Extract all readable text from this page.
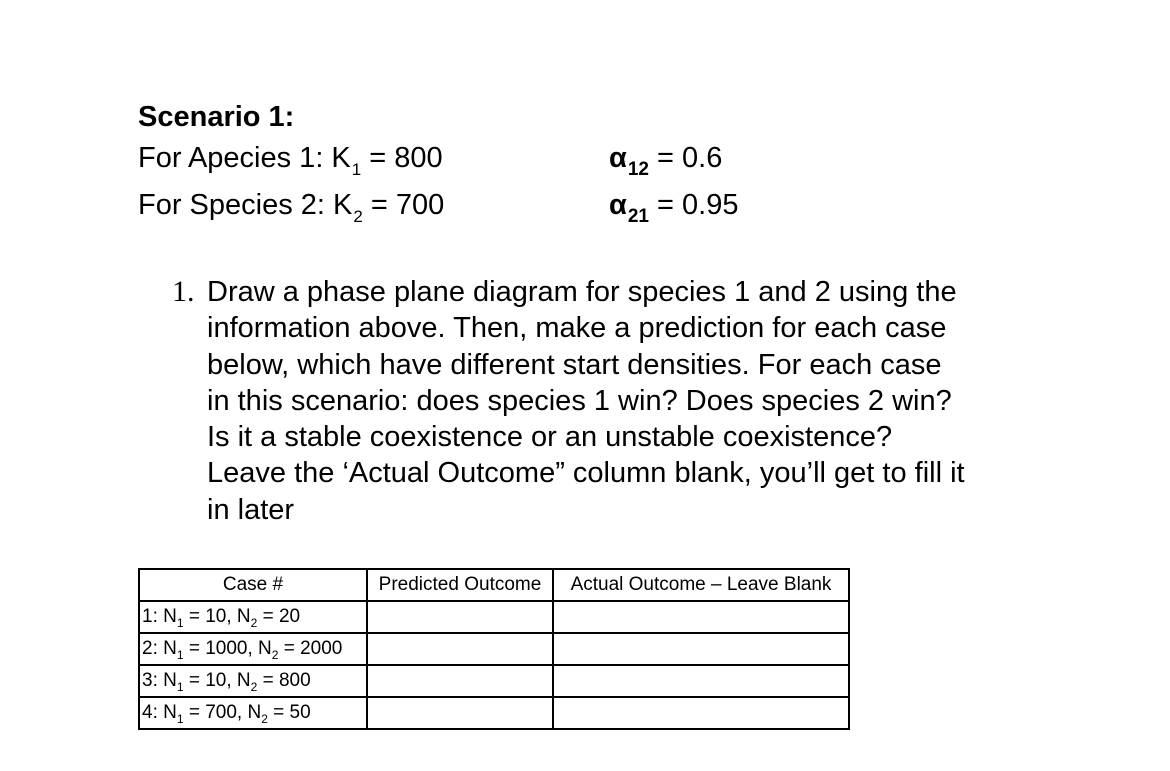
Scenario 1:
For Apecies 1: $K_1 = 800$	$\alpha_{12} = 0.6$
For Species 2: $K_2 = 700$	$\alpha_{21} = 0.95$
1. Draw a phase plane diagram for species 1 and 2 using the
information above. Then, make a prediction for each case
below, which have different start densities. For each case
in this scenario: does species 1 win? Does species 2 win?
Is it a stable coexistence or an unstable coexistence?
Leave the ‘Actual Outcome” column blank, you’ll get to fill it
in later
Case #	Predicted Outcome	Actual Outcome – Leave Blank
1: $N_1 = 10$, $N_2 = 20$		
2: $N_1 = 1000$, $N_2 = 2000$		
3: $N_1 = 10$, $N_2 = 800$		
4: $N_1 = 700$, $N_2 = 50$		
